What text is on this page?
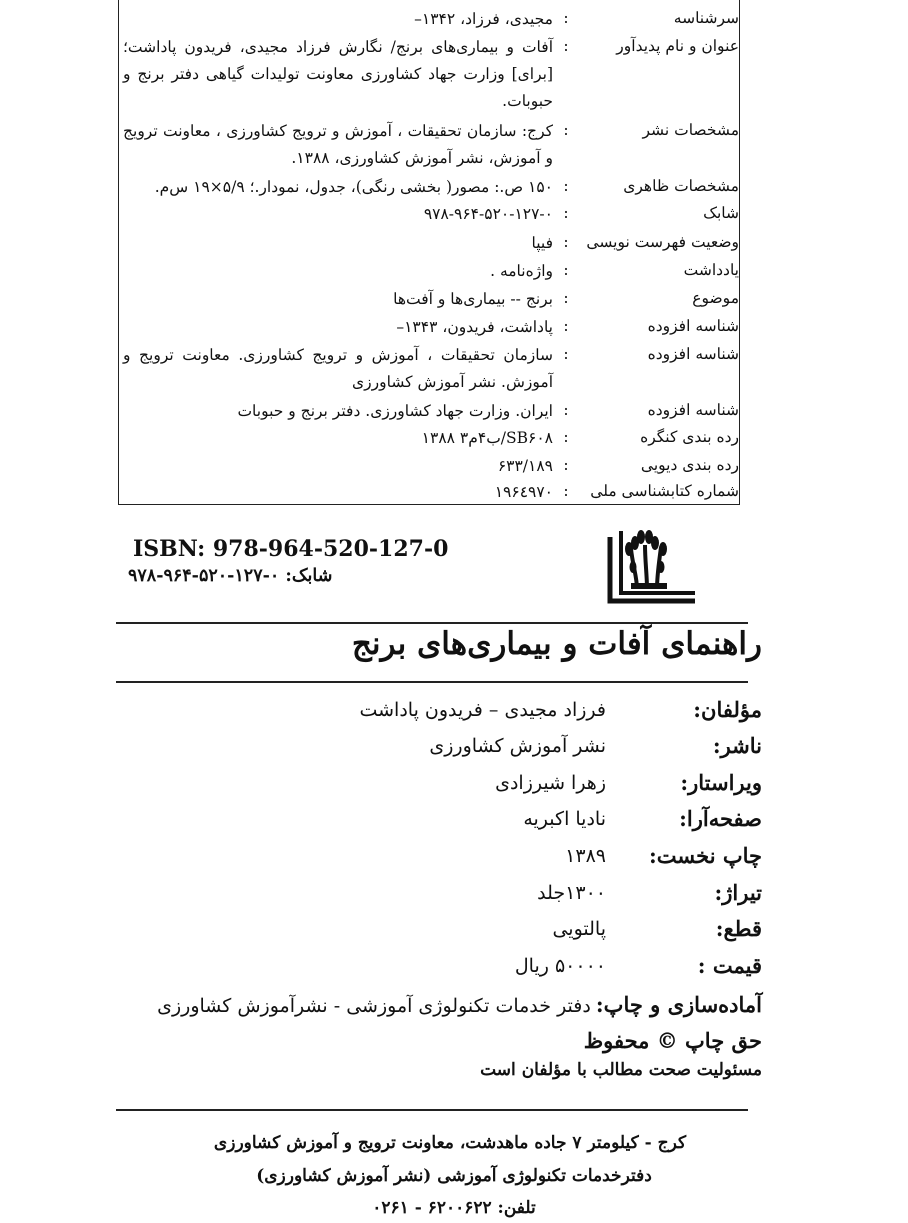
سرشناسه
:
مجیدی، فرزاد، ۱۳۴۲–
عنوان و نام پدیدآور
:
آفات و بیماری‌های برنج/ نگارش فرزاد مجیدی، فریدون پاداشت؛ [برای] وزارت جهاد کشاورزی معاونت تولیدات گیاهی دفتر برنج و حبوبات.
مشخصات نشر
:
کرج: سازمان تحقیقات ، آموزش و ترویج کشاورزی ، معاونت ترویج و آموزش، نشر آموزش کشاورزی، ۱۳۸۸.
مشخصات ظاهری
:
۱۵۰ ص.: مصور( بخشی رنگی)، جدول، نمودار.؛ ۵/۹×۱۹ س‌م.
شابک
:
۹۷۸-۹۶۴-۵۲۰-۱۲۷-۰
وضعیت فهرست نویسی
:
فیپا
یادداشت
:
واژه‌نامه .
موضوع
:
برنج -- بیماری‌ها و آفت‌ها
شناسه افزوده
:
پاداشت، فریدون، ۱۳۴۳–
شناسه افزوده
:
سازمان تحقیقات ، آموزش و ترویج کشاورزی. معاونت ترویج و آموزش. نشر آموزش کشاورزی
شناسه افزوده
:
ایران. وزارت جهاد کشاورزی. دفتر برنج و حبوبات
رده بندی کنگره
:
SB۶۰۸/ب۴م۳ ۱۳۸۸
رده بندی دیویی
:
۶۳۳/۱۸۹
شماره کتابشناسی ملی
:
۱۹۶٤۹۷۰
ISBN: 978-964-520-127-0
شابک: ۰-۱۲۷-۵۲۰-۹۶۴-۹۷۸
راهنمای آفات و بیماری‌های برنج
مؤلفان:
فرزاد مجیدی – فریدون پاداشت
ناشر:
نشر آموزش کشاورزی
ویراستار:
زهرا شیرزادی
صفحه‌آرا:
نادیا اکبریه
چاپ نخست:
۱۳۸۹
تیراژ:
۱۳۰۰جلد
قطع:
پالتویی
قیمت :
۵۰۰۰۰ ریال
آماده‌سازی و چاپ: دفتر خدمات تکنولوژی آموزشی - نشرآموزش کشاورزی
حق چاپ © محفوظ
مسئولیت صحت مطالب با مؤلفان است
کرج - کیلومتر ۷ جاده ماهدشت، معاونت ترویج و آموزش کشاورزی
دفترخدمات تکنولوژی آموزشی (نشر آموزش کشاورزی)
تلفن: ۶۲۰۰۶۲۲ - ۰۲۶۱
